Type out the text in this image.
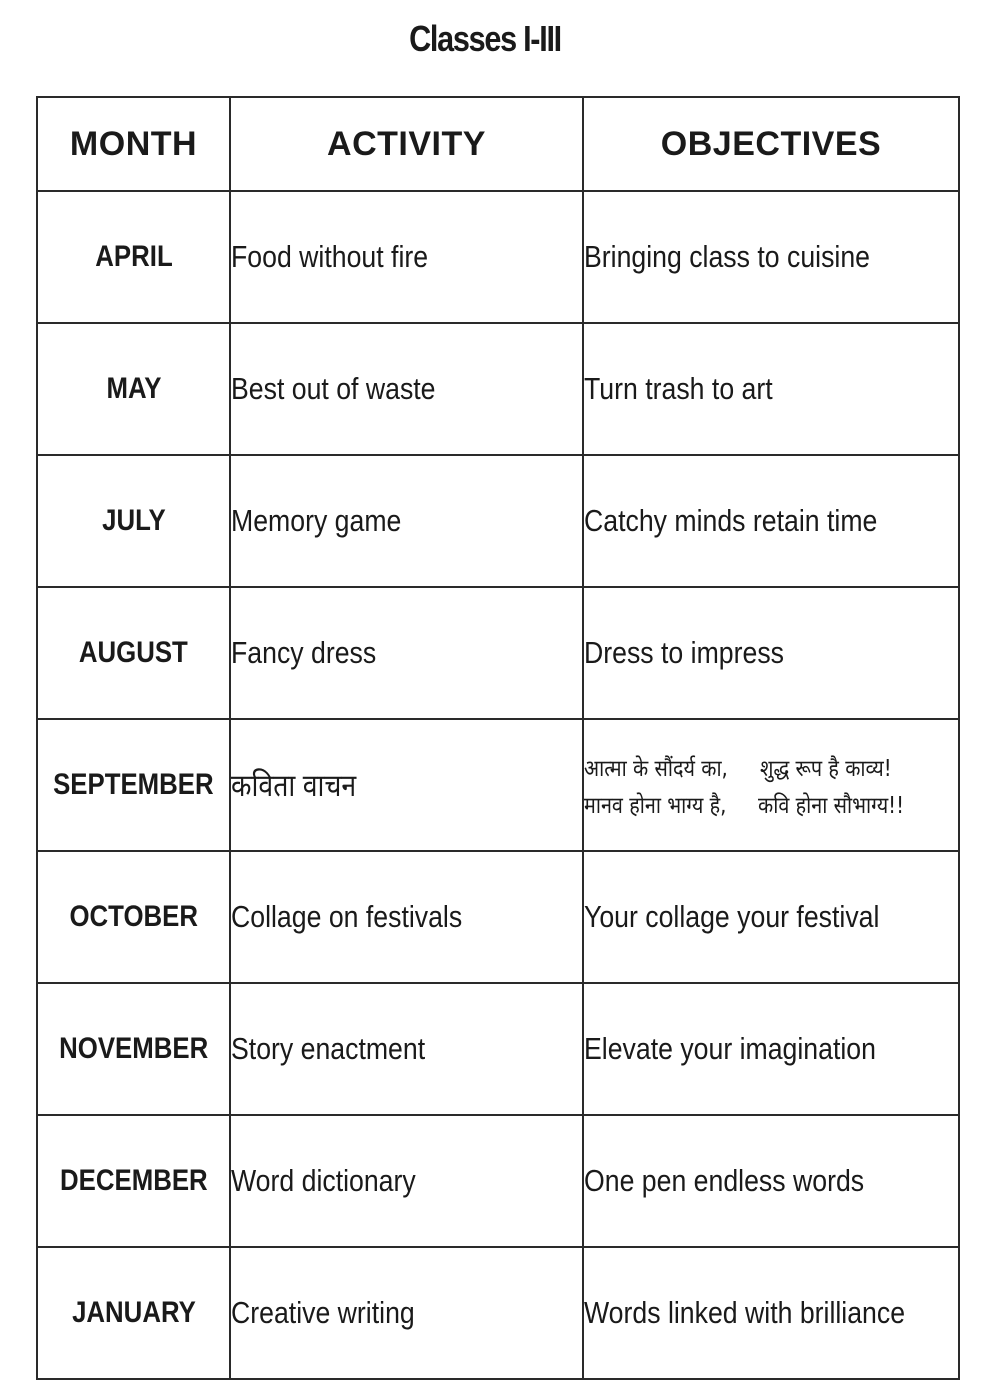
Classes I-III
MONTH	ACTIVITY	OBJECTIVES
APRIL	Food without fire	Bringing class to cuisine
MAY	Best out of waste	Turn trash to art
JULY	Memory game	Catchy minds retain time
AUGUST	Fancy dress	Dress to impress
SEPTEMBER	कविता वाचन	आत्मा के सौंदर्य का, शुद्ध रूप है काव्य! मानव होना भाग्य है, कवि होना सौभाग्य!!
OCTOBER	Collage on festivals	Your collage your festival
NOVEMBER	Story enactment	Elevate your imagination
DECEMBER	Word dictionary	One pen endless words
JANUARY	Creative writing	Words linked with brilliance
